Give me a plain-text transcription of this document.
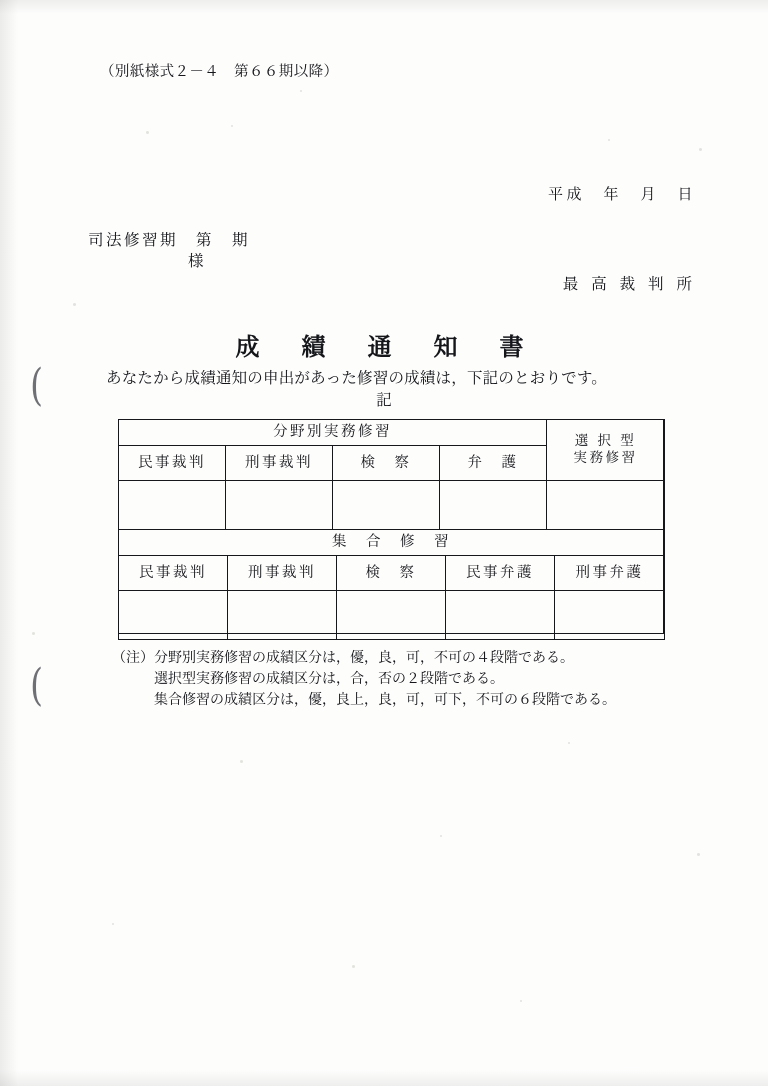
（別紙様式２－４　第６６期以降）
平成　年　月　日
司法修習期　第　期
様
最 高 裁 判 所
成　績　通　知　書
あなたから成績通知の申出があった修習の成績は，下記のとおりです。
記
分野別実務修習				選 択 型
実務修習

民事裁判	刑事裁判	検　察	弁　護	

集　合　修　習				
民事裁判	刑事裁判	検　察	民事弁護	刑事弁護

（注） 分野別実務修習の成績区分は，優，良，可，不可の４段階である。
選択型実務修習の成績区分は，合，否の２段階である。
集合修習の成績区分は，優，良上，良，可，可下，不可の６段階である。
(
(
